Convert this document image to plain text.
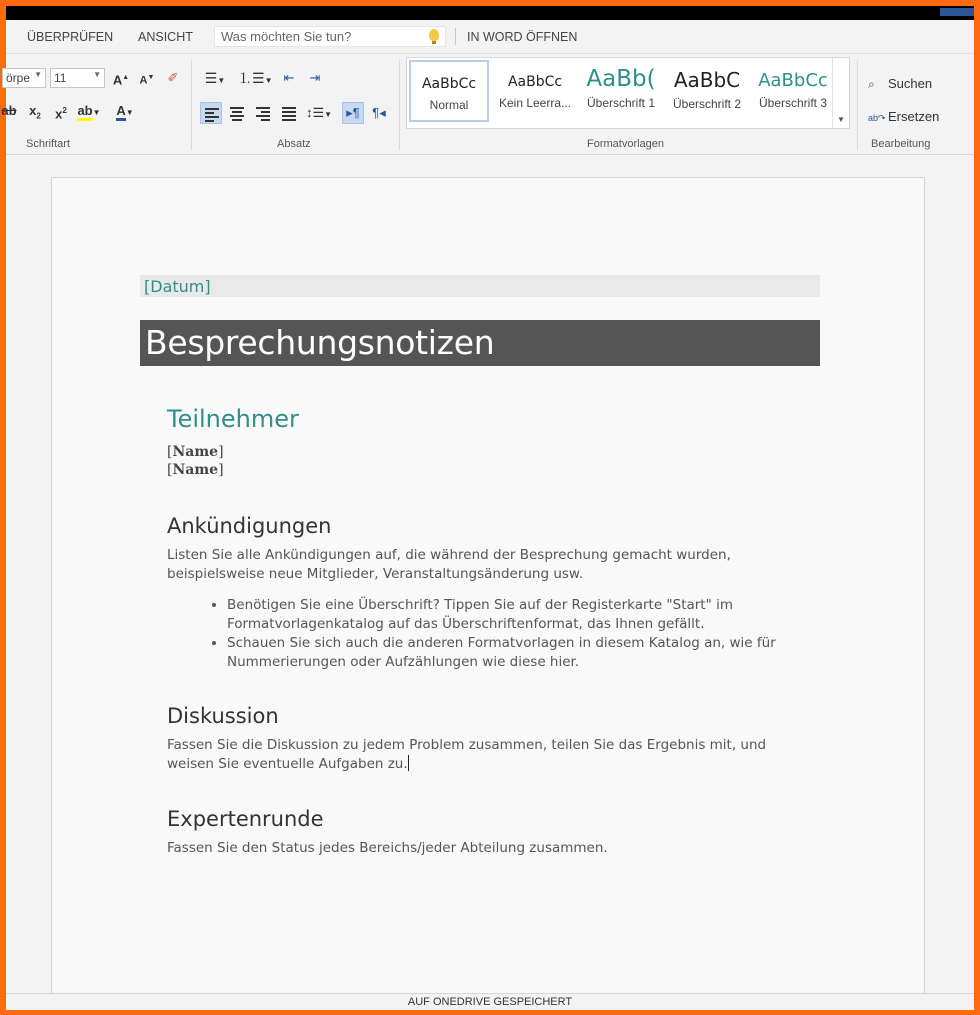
ÜBERPRÜFEN ANSICHT
Was möchten Sie tun?	IN WORD ÖFFNEN
örpe ▼	11	▼ A▲ A▼	✐
ab $x_2$	$x^2$ ab▼	A▼
Schriftart
☰▼ ⒈☰▼ ⇤	⇥
↕☰▼	▸¶ ¶◂
Absatz
AaBbCc
Normal
AaBbCc
Kein Leerra...
AaBb(
Überschrift 1
AaBbC
Überschrift 2
AaBbCc
Überschrift 3
▼
Formatvorlagen
⌕ Suchen
ab↷ Ersetzen
Bearbeitung
[Datum]
Besprechungsnotizen
Teilnehmer
[Name]
[Name]
Ankündigungen
Listen Sie alle Ankündigungen auf, die während der Besprechung gemacht wurden, beispielsweise neue Mitglieder, Veranstaltungsänderung usw.
• Benötigen Sie eine Überschrift? Tippen Sie auf der Registerkarte "Start" im Formatvorlagenkatalog auf das Überschriftenformat, das Ihnen gefällt.
• Schauen Sie sich auch die anderen Formatvorlagen in diesem Katalog an, wie für Nummerierungen oder Aufzählungen wie diese hier.
Diskussion
Fassen Sie die Diskussion zu jedem Problem zusammen, teilen Sie das Ergebnis mit, und weisen Sie eventuelle Aufgaben zu.
Expertenrunde
Fassen Sie den Status jedes Bereichs/jeder Abteilung zusammen.
AUF ONEDRIVE GESPEICHERT
